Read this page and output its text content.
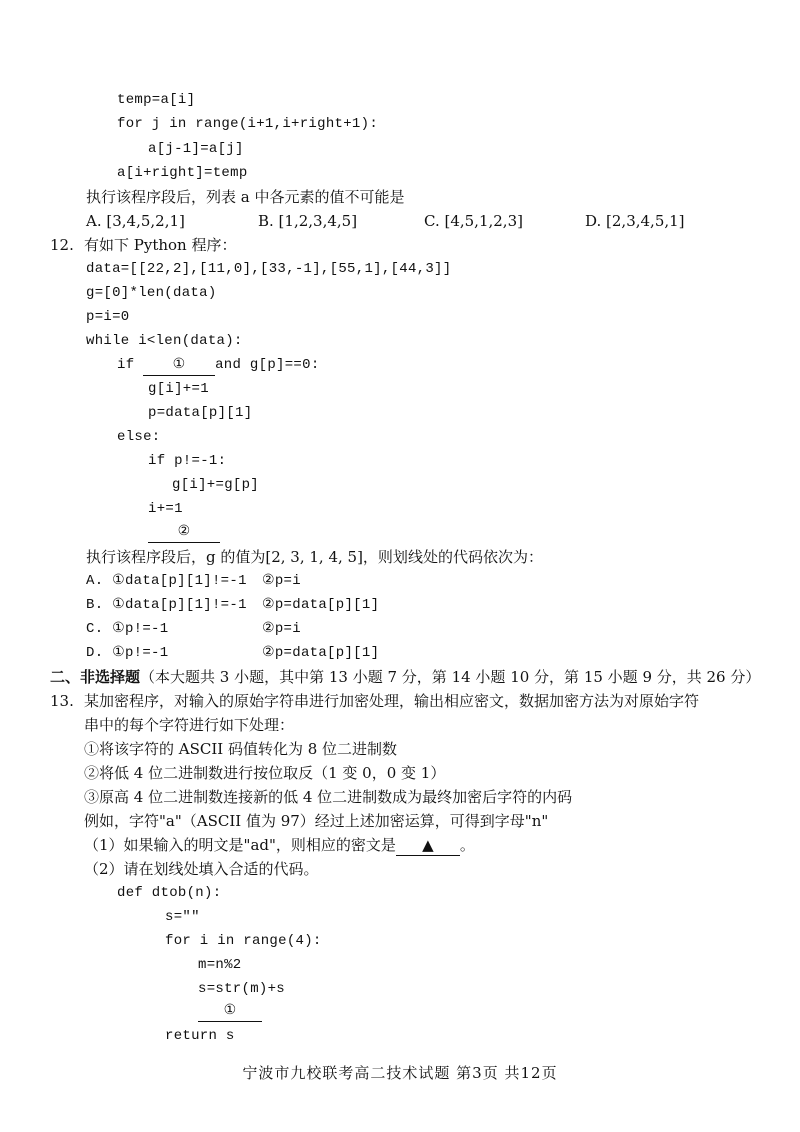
temp=a[i]
for j in range(i+1,i+right+1):
a[j-1]=a[j]
a[i+right]=temp
执行该程序段后，列表 a 中各元素的值不可能是
A. [3,4,5,2,1]	B. [1,2,3,4,5]	C. [4,5,1,2,3]	D. [2,3,4,5,1]
12. 有如下 Python 程序：
data=[[22,2],[11,0],[33,-1],[55,1],[44,3]]
g=[0]*len(data)
p=i=0
while i<len(data):
if ① and g[p]==0:
g[i]+=1
p=data[p][1]
else:
if p!=-1:
g[i]+=g[p]
i+=1
②
执行该程序段后，g 的值为[2, 3, 1, 4, 5]，则划线处的代码依次为：
A. ①data[p][1]!=-1 ②p=i
B. ①data[p][1]!=-1 ②p=data[p][1]
C. ①p!=-1	②p=i
D. ①p!=-1	②p=data[p][1]
二、非选择题（本大题共 3 小题，其中第 13 小题 7 分，第 14 小题 10 分，第 15 小题 9 分，共 26 分）
13. 某加密程序，对输入的原始字符串进行加密处理，输出相应密文，数据加密方法为对原始字符
串中的每个字符进行如下处理：
①将该字符的 ASCII 码值转化为 8 位二进制数
②将低 4 位二进制数进行按位取反（1 变 0，0 变 1）
③原高 4 位二进制数连接新的低 4 位二进制数成为最终加密后字符的内码
例如，字符"a"（ASCII 值为 97）经过上述加密运算，可得到字母"n"
（1）如果输入的明文是"ad"，则相应的密文是 ▲ 。
（2）请在划线处填入合适的代码。
def dtob(n):
s=""
for i in range(4):
m=n%2
s=str(m)+s
①
return s
宁波市九校联考高二技术试题 第3页 共12页
